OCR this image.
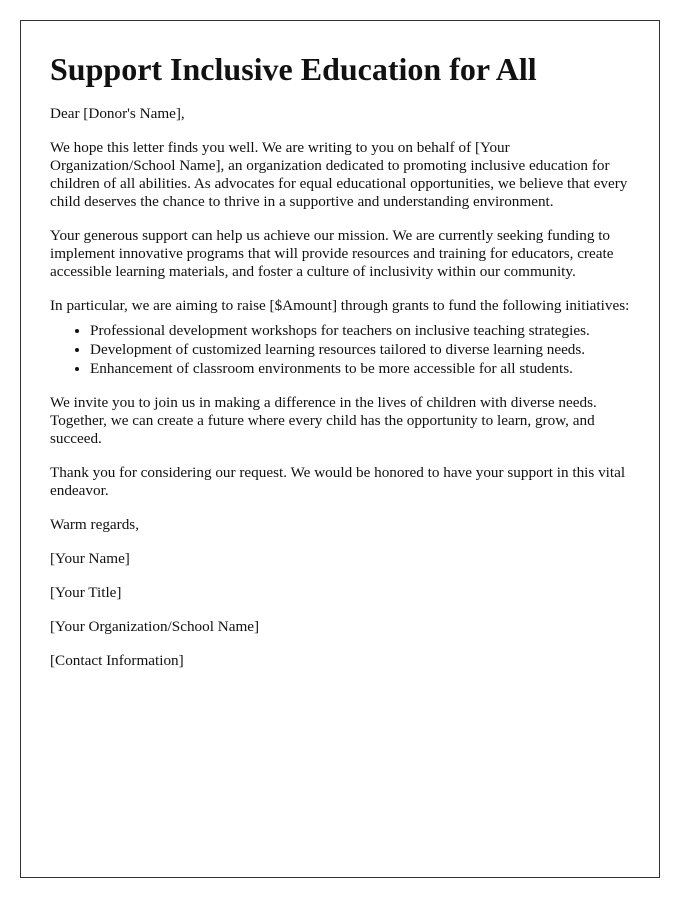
Support Inclusive Education for All

Dear [Donor's Name],

We hope this letter finds you well. We are writing to you on behalf of [Your Organization/School Name], an organization dedicated to promoting inclusive education for children of all abilities. As advocates for equal educational opportunities, we believe that every child deserves the chance to thrive in a supportive and understanding environment.

Your generous support can help us achieve our mission. We are currently seeking funding to implement innovative programs that will provide resources and training for educators, create accessible learning materials, and foster a culture of inclusivity within our community.

In particular, we are aiming to raise [$Amount] through grants to fund the following initiatives:

• Professional development workshops for teachers on inclusive teaching strategies.
• Development of customized learning resources tailored to diverse learning needs.
• Enhancement of classroom environments to be more accessible for all students.

We invite you to join us in making a difference in the lives of children with diverse needs. Together, we can create a future where every child has the opportunity to learn, grow, and succeed.

Thank you for considering our request. We would be honored to have your support in this vital endeavor.

Warm regards,

[Your Name]

[Your Title]

[Your Organization/School Name]

[Contact Information]
